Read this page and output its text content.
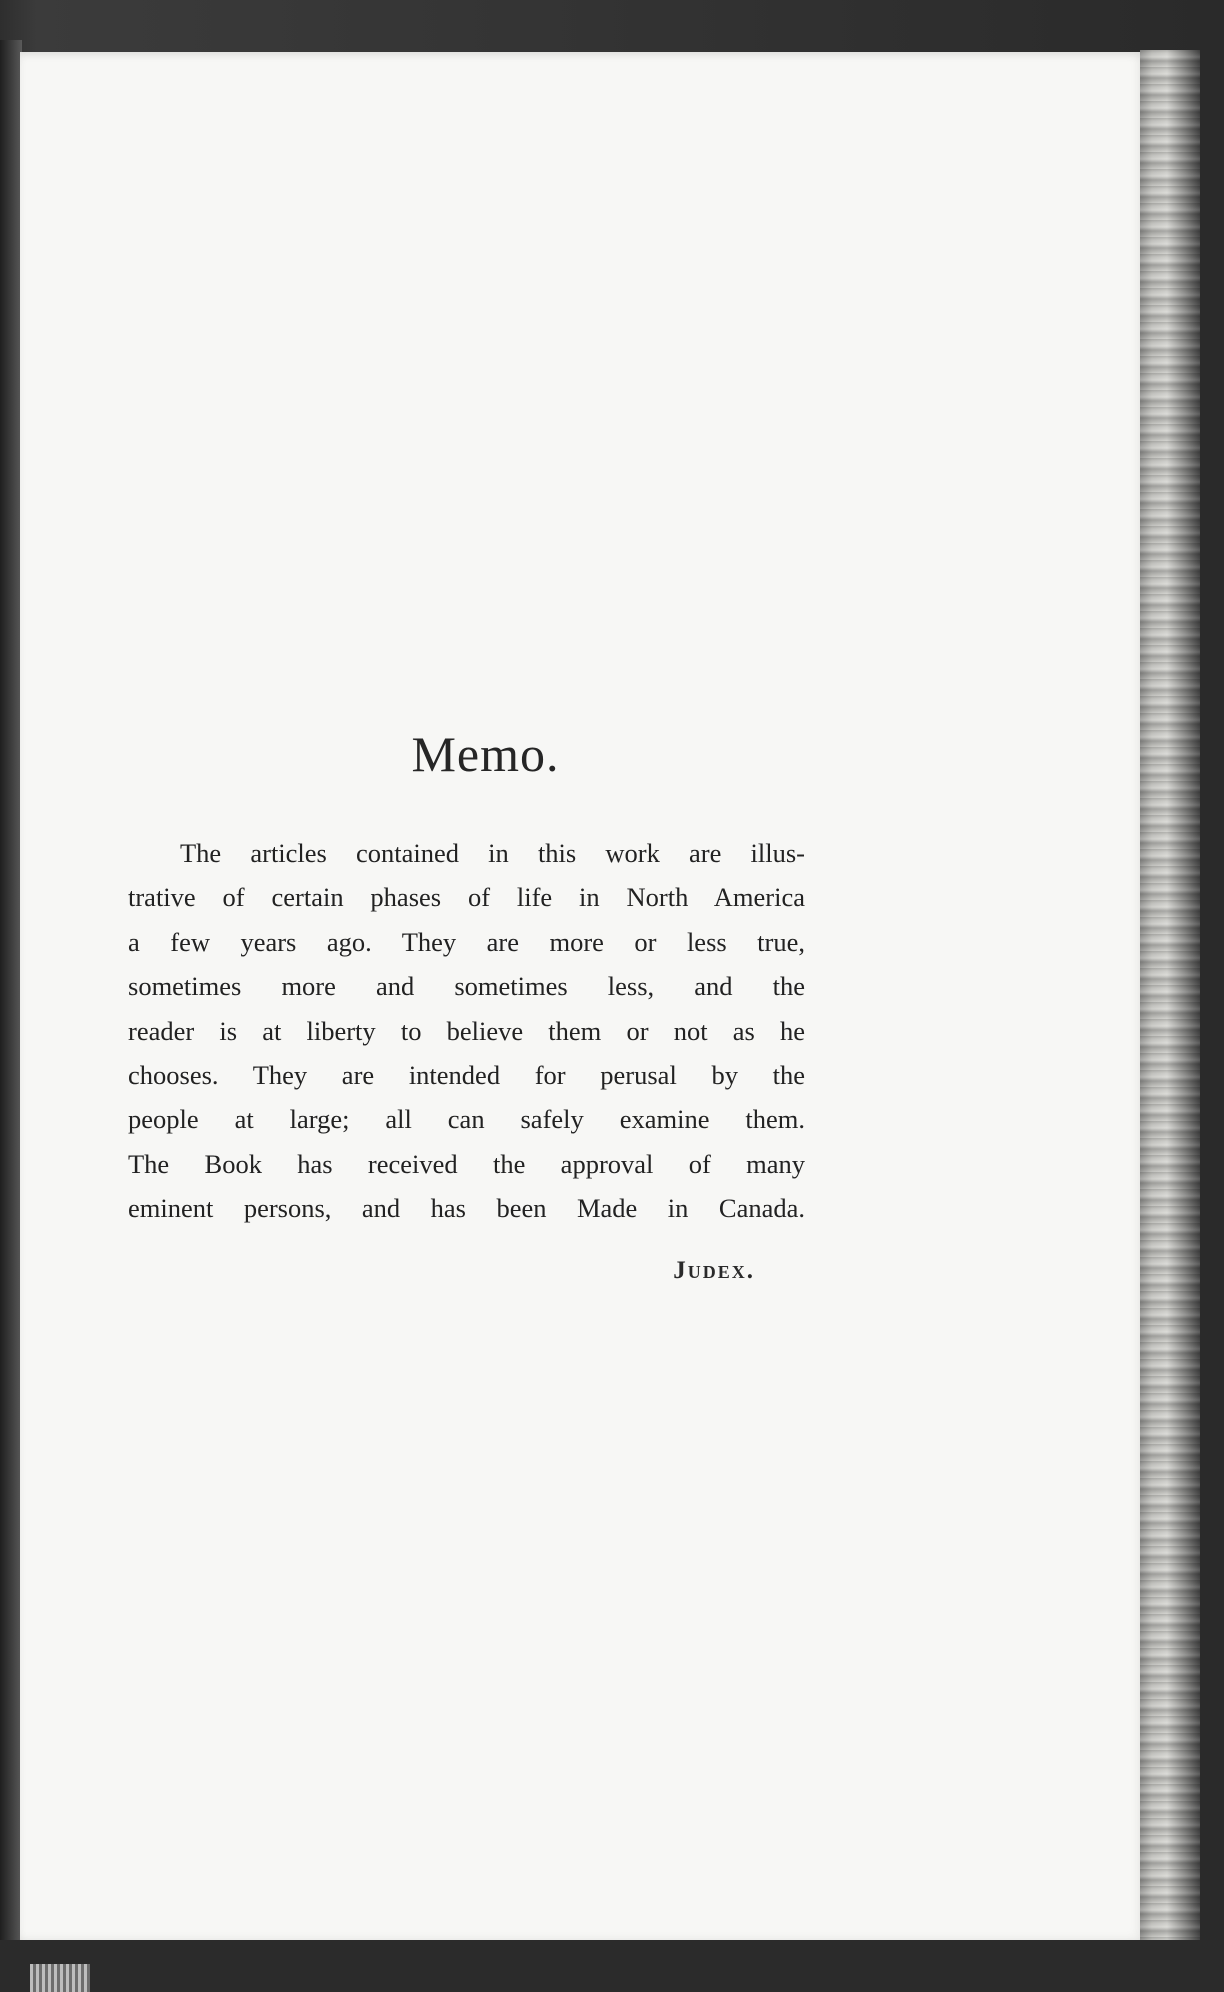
Memo.

The articles contained in this work are illus-
trative of certain phases of life in North America
a few years ago. They are more or less true,
sometimes more and sometimes less, and the
reader is at liberty to believe them or not as he
chooses. They are intended for perusal by the
people at large; all can safely examine them.
The Book has received the approval of many
eminent persons, and has been Made in Canada.

Judex.
